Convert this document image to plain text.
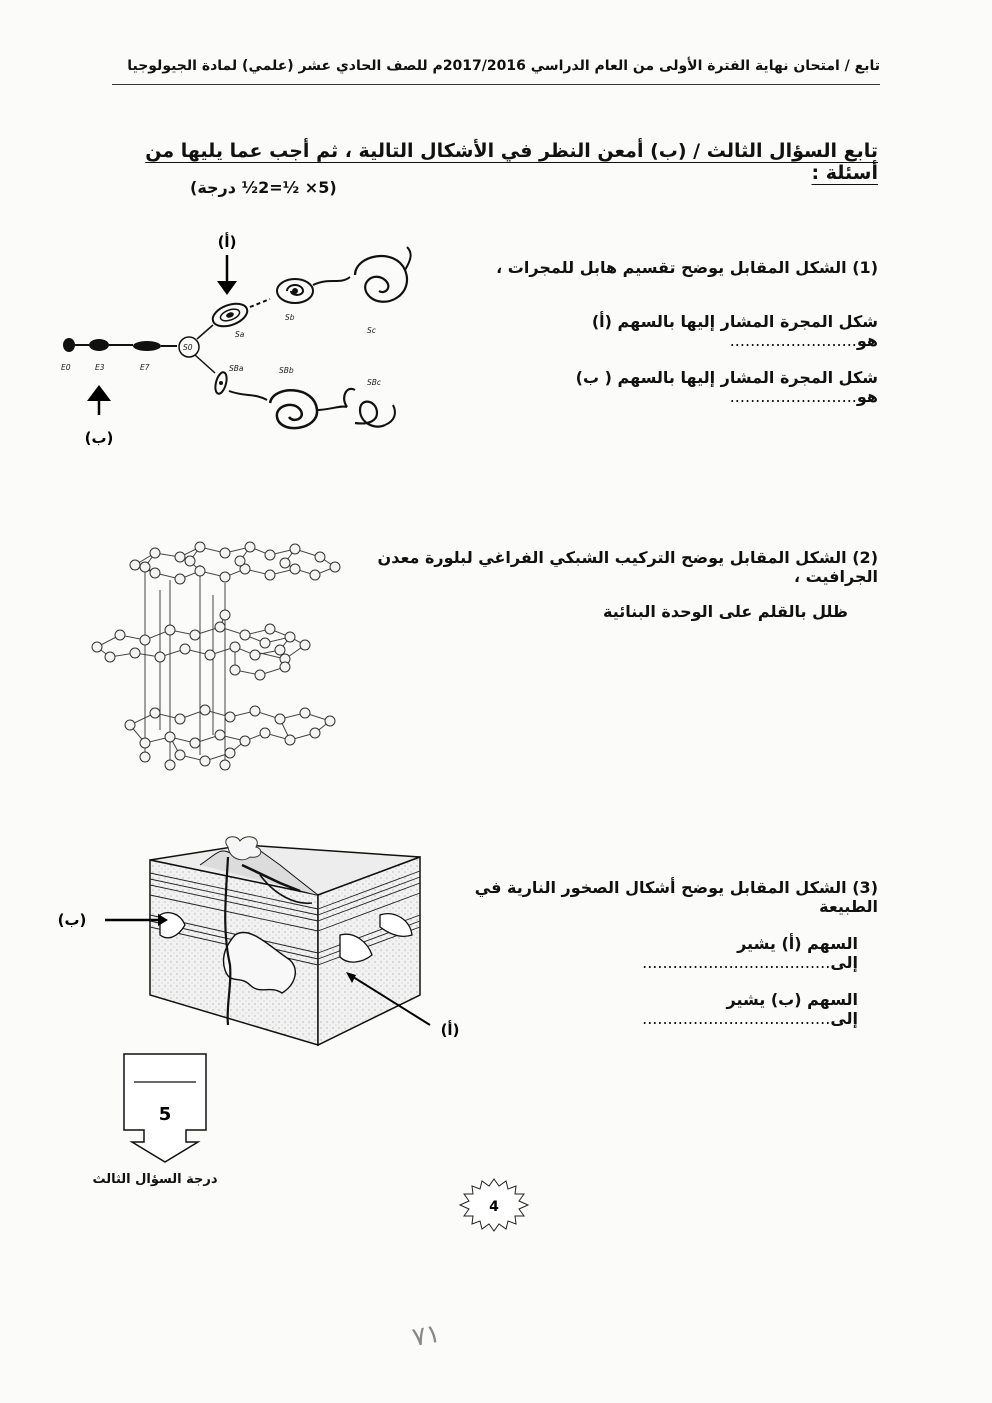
تابع / امتحان نهاية الفترة الأولى من العام الدراسي 2017/2016م للصف الحادي عشر (علمي) لمادة الجيولوجيا
تابع السؤال الثالث / (ب) أمعن النظر في الأشكال التالية ، ثم أجب عما يليها من أسئلة :
(5× ½=2½ درجة)
(1) الشكل المقابل يوضح تقسيم هابل للمجرات ،
شكل المجرة المشار إليها بالسهم (أ) هو.........................
شكل المجرة المشار إليها بالسهم ( ب) هو.........................
(أ)
E0	E3	E7
S0
Sa
Sb
Sc
SBa	SBb
SBc
(ب)
(2) الشكل المقابل يوضح التركيب الشبكي الفراغي لبلورة معدن الجرافيت ،
ظلل بالقلم على الوحدة البنائية
(3) الشكل المقابل يوضح أشكال الصخور النارية في الطبيعة
السهم (أ) يشير إلى.....................................
السهم (ب) يشير إلى.....................................
(أ)
(ب)
5
درجة السؤال الثالث
4
٧١
